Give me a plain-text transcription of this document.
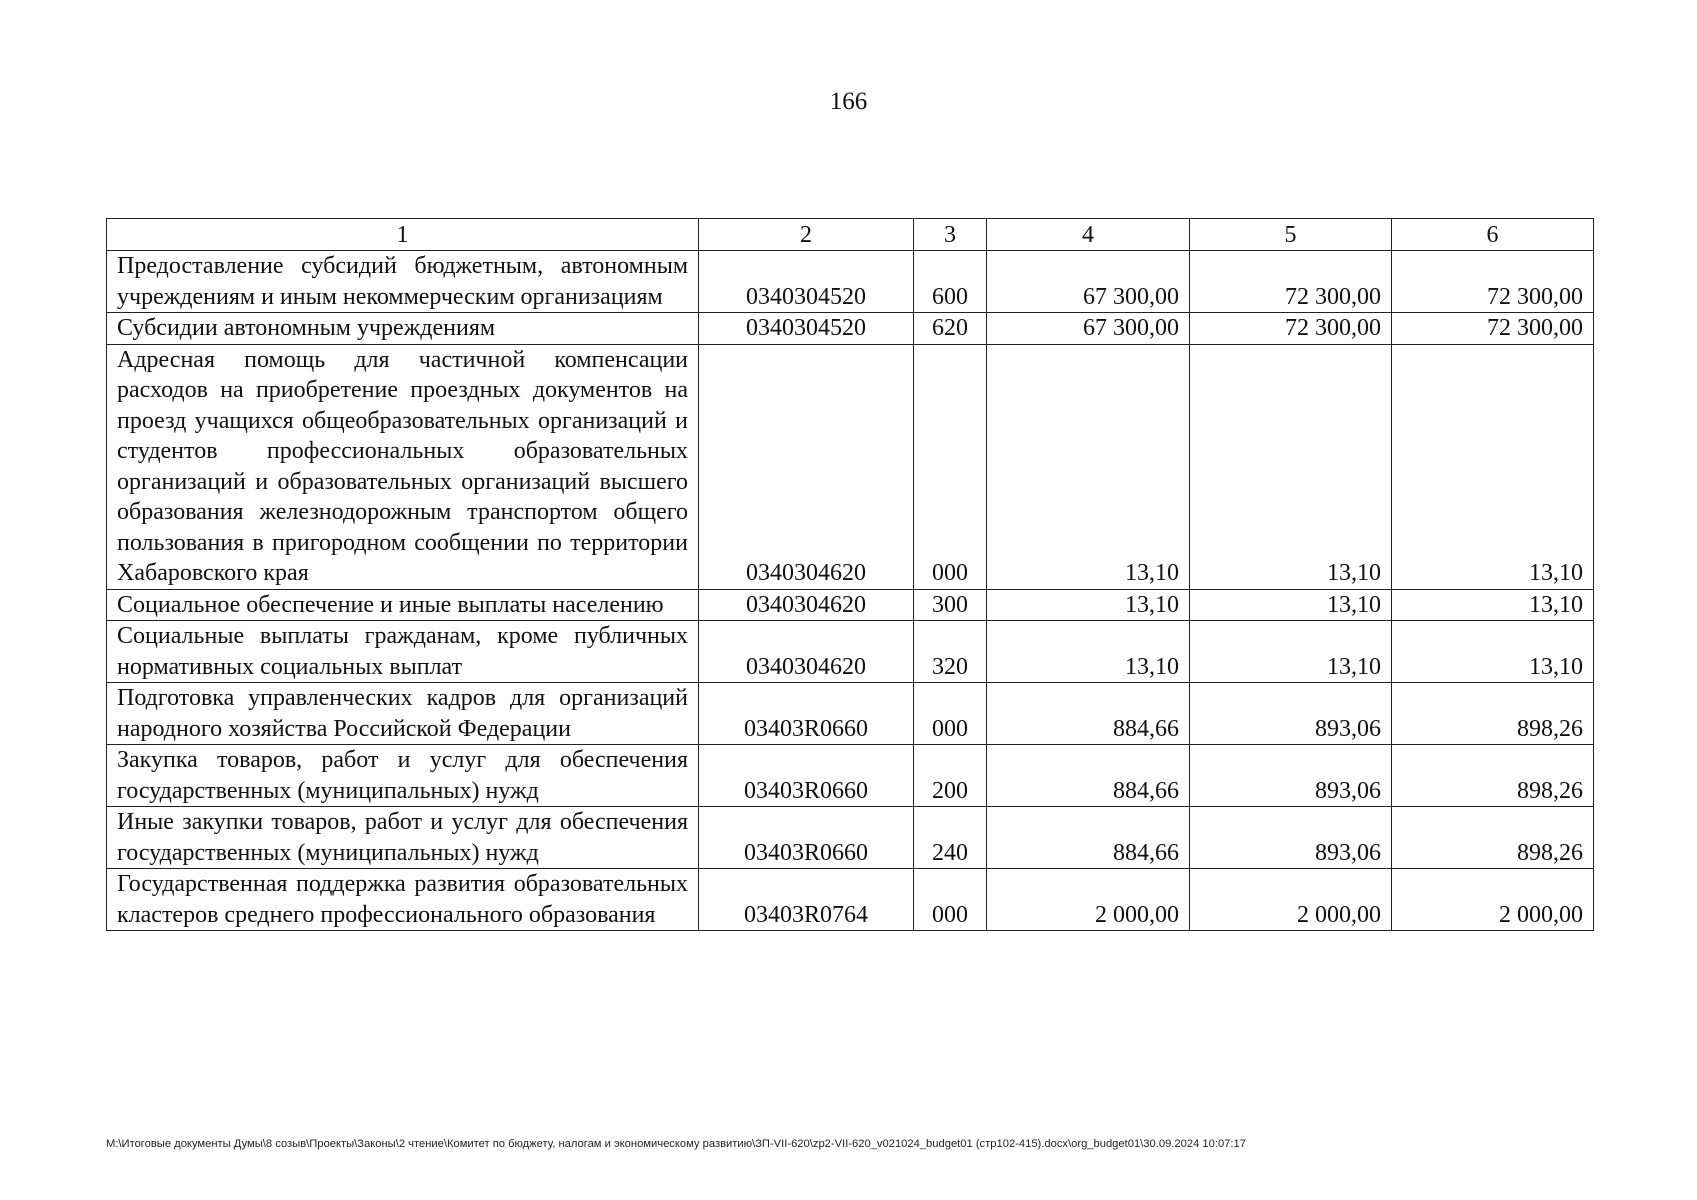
166
1	2	3	4	5	6
Предоставление субсидий бюджетным, автономным учреждениям и иным некоммерческим организациям	0340304520	600	67 300,00	72 300,00	72 300,00
Субсидии автономным учреждениям	0340304520	620	67 300,00	72 300,00	72 300,00
Адресная помощь для частичной компенсации расходов на приобретение проездных документов на проезд учащихся общеобразовательных организаций и студентов профессиональных образовательных организаций и образовательных организаций высшего образования железнодорожным транспортом общего пользования в пригородном сообщении по территории Хабаровского края	0340304620	000	13,10	13,10	13,10
Социальное обеспечение и иные выплаты населению	0340304620	300	13,10	13,10	13,10
Социальные выплаты гражданам, кроме публичных нормативных социальных выплат	0340304620	320	13,10	13,10	13,10
Подготовка управленческих кадров для организаций народного хозяйства Российской Федерации	03403R0660	000	884,66	893,06	898,26
Закупка товаров, работ и услуг для обеспечения государственных (муниципальных) нужд	03403R0660	200	884,66	893,06	898,26
Иные закупки товаров, работ и услуг для обеспечения государственных (муниципальных) нужд	03403R0660	240	884,66	893,06	898,26
Государственная поддержка развития образовательных кластеров среднего профессионального образования	03403R0764	000	2 000,00	2 000,00	2 000,00
M:\Итоговые документы Думы\8 созыв\Проекты\Законы\2 чтение\Комитет по бюджету, налогам и экономическому развитию\ЗП-VII-620\zp2-VII-620_v021024_budget01 (стр102-415).docx\org_budget01\30.09.2024 10:07:17
